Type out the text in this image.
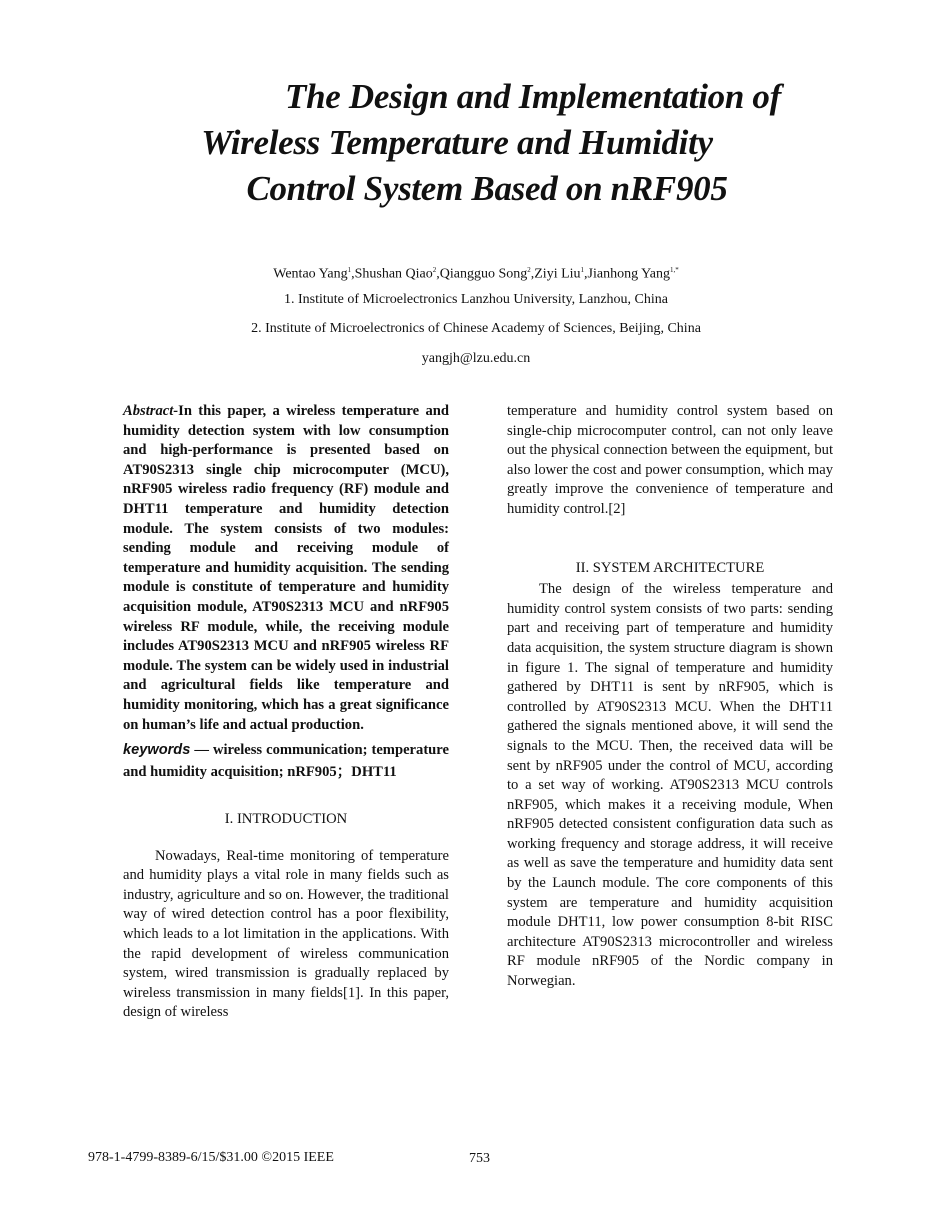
The Design and Implementation of
Wireless Temperature and Humidity
Control System Based on nRF905

Wentao Yang$^1$,Shushan Qiao$^2$,Qiangguo Song$^2$,Ziyi Liu$^1$,Jianhong Yang$^{1,*}$

1. Institute of Microelectronics Lanzhou University, Lanzhou, China

2. Institute of Microelectronics of Chinese Academy of Sciences, Beijing, China

yangjh@lzu.edu.cn

Abstract-In this paper, a wireless temperature and humidity detection system with low consumption and high-performance is presented based on AT90S2313 single chip microcomputer (MCU), nRF905 wireless radio frequency (RF) module and DHT11 temperature and humidity detection module. The system consists of two modules: sending module and receiving module of temperature and humidity acquisition. The sending module is constitute of temperature and humidity acquisition module, AT90S2313 MCU and nRF905 wireless RF module, while, the receiving module includes AT90S2313 MCU and nRF905 wireless RF module. The system can be widely used in industrial and agricultural fields like temperature and humidity monitoring, which has a great significance on human’s life and actual production.

keywords — wireless communication; temperature and humidity acquisition; nRF905；DHT11

I. INTRODUCTION

Nowadays, Real-time monitoring of temperature and humidity plays a vital role in many fields such as industry, agriculture and so on. However, the traditional way of wired detection control has a poor flexibility, which leads to a lot limitation in the applications. With the rapid development of wireless communication system, wired transmission is gradually replaced by wireless transmission in many fields[1]. In this paper, design of wireless

temperature and humidity control system based on single-chip microcomputer control, can not only leave out the physical connection between the equipment, but also lower the cost and power consumption, which may greatly improve the convenience of temperature and humidity control.[2]

II. SYSTEM ARCHITECTURE

The design of the wireless temperature and humidity control system consists of two parts: sending part and receiving part of temperature and humidity data acquisition, the system structure diagram is shown in figure 1. The signal of temperature and humidity gathered by DHT11 is sent by nRF905, which is controlled by AT90S2313 MCU. When the DHT11 gathered the signals mentioned above, it will send the signals to the MCU. Then, the received data will be sent by nRF905 under the control of MCU, according to a set way of working. AT90S2313 MCU controls nRF905, which makes it a receiving module, When nRF905 detected consistent configuration data such as working frequency and storage address, it will receive as well as save the temperature and humidity data sent by the Launch module. The core components of this system are temperature and humidity acquisition module DHT11, low power consumption 8-bit RISC architecture AT90S2313 microcontroller and wireless RF module nRF905 of the Nordic company in Norwegian.

978-1-4799-8389-6/15/$31.00 ©2015 IEEE	753
